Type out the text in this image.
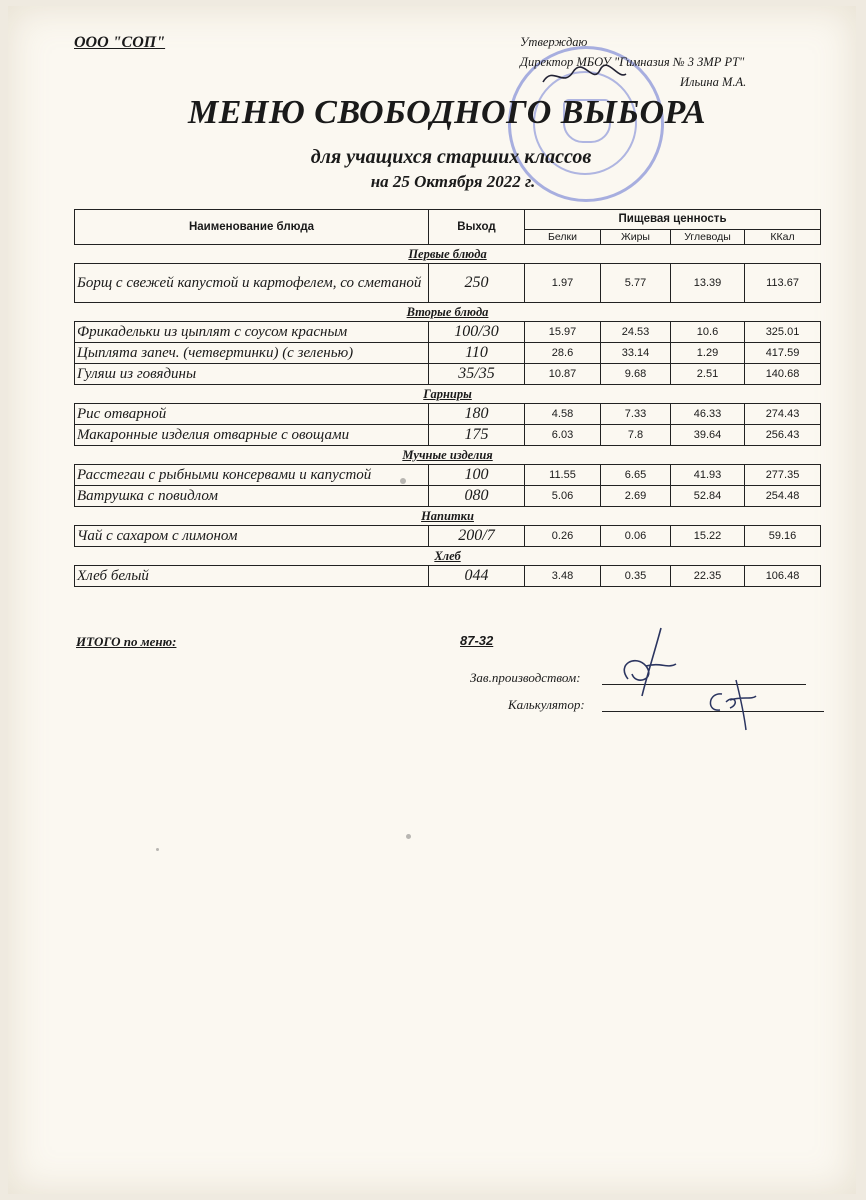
ООО "СОП"	Утверждаю
Директор МБОУ "Гимназия № 3 ЗМР РТ"
Ильина М.А.
МЕНЮ СВОБОДНОГО ВЫБОРА
для учащихся старших классов
на 25 Октября 2022 г.
Наименование блюда	Выход	Пищевая ценность			
		Белки	Жиры	Углеводы	ККал
Первые блюда					
Борщ с свежей капустой и картофелем, со сметаной	250	1.97	5.77	13.39	113.67
Вторые блюда					
Фрикадельки из цыплят с соусом красным	100/30	15.97	24.53	10.6	325.01
Цыплята запеч. (четвертинки) (с зеленью)	110	28.6	33.14	1.29	417.59
Гуляш из говядины	35/35	10.87	9.68	2.51	140.68
Гарниры					
Рис отварной	180	4.58	7.33	46.33	274.43
Макаронные изделия отварные с овощами	175	6.03	7.8	39.64	256.43
Мучные изделия					
Расстегаи с рыбными консервами и капустой	100	11.55	6.65	41.93	277.35
Ватрушка с повидлом	080	5.06	2.69	52.84	254.48
Напитки					
Чай с сахаром с лимоном	200/7	0.26	0.06	15.22	59.16
Хлеб					
Хлеб белый	044	3.48	0.35	22.35	106.48
ИТОГО по меню:	87-32
Зав.производством:
Калькулятор:
